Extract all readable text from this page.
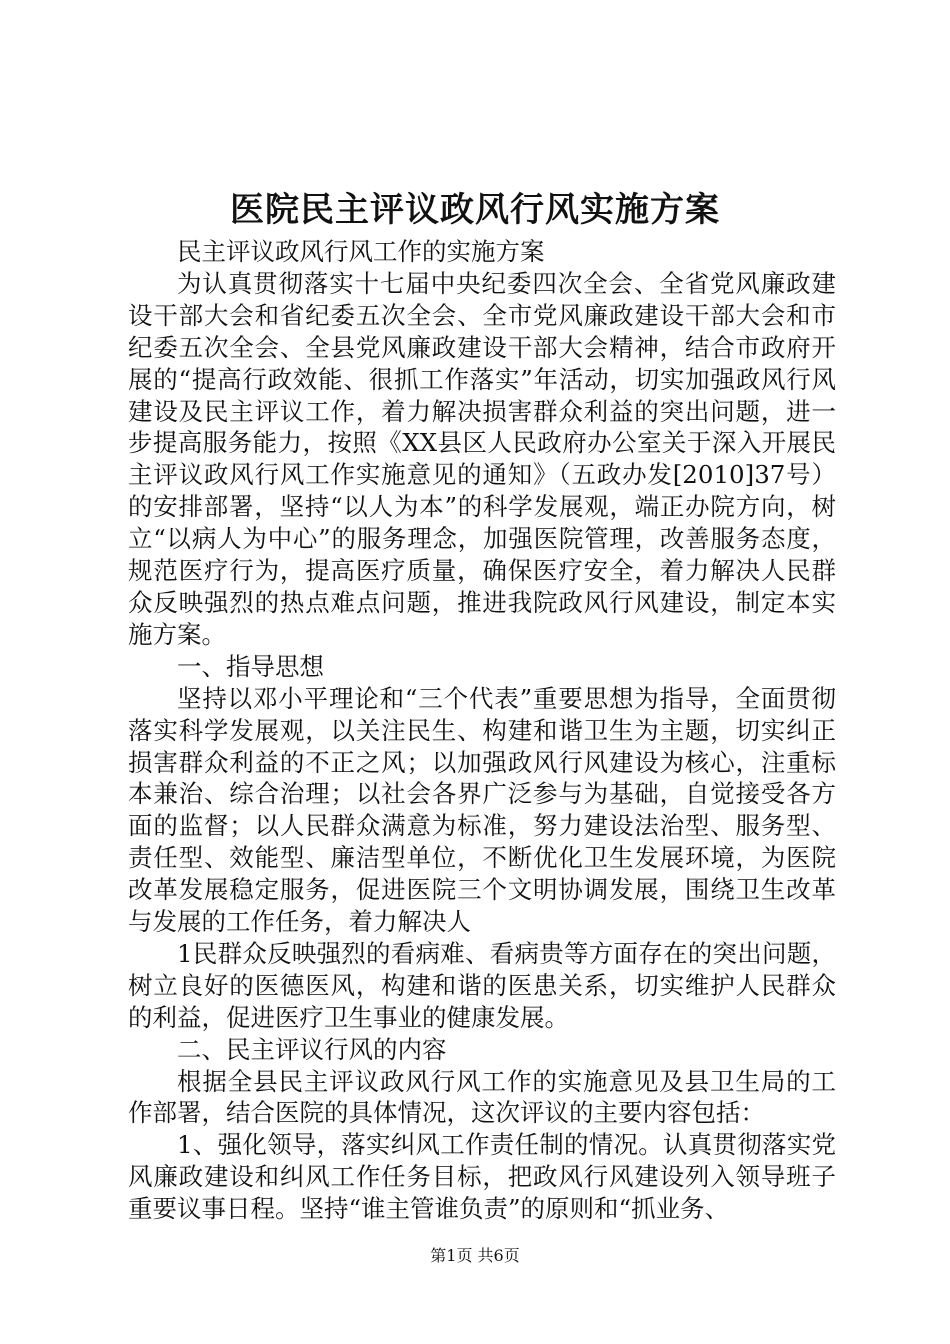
医院民主评议政风行风实施方案

民主评议政风行风工作的实施方案

为认真贯彻落实十七届中央纪委四次全会、全省党风廉政建设干部大会和省纪委五次全会、全市党风廉政建设干部大会和市纪委五次全会、全县党风廉政建设干部大会精神，结合市政府开展的“提高行政效能、很抓工作落实”年活动，切实加强政风行风建设及民主评议工作，着力解决损害群众利益的突出问题，进一步提高服务能力，按照《XX县区人民政府办公室关于深入开展民主评议政风行风工作实施意见的通知》（五政办发[2010]37号）的安排部署，坚持“以人为本”的科学发展观，端正办院方向，树立“以病人为中心”的服务理念，加强医院管理，改善服务态度，规范医疗行为，提高医疗质量，确保医疗安全，着力解决人民群众反映强烈的热点难点问题，推进我院政风行风建设，制定本实施方案。

一、指导思想

坚持以邓小平理论和“三个代表”重要思想为指导，全面贯彻落实科学发展观，以关注民生、构建和谐卫生为主题，切实纠正损害群众利益的不正之风；以加强政风行风建设为核心，注重标本兼治、综合治理；以社会各界广泛参与为基础，自觉接受各方面的监督；以人民群众满意为标准，努力建设法治型、服务型、责任型、效能型、廉洁型单位，不断优化卫生发展环境，为医院改革发展稳定服务，促进医院三个文明协调发展，围绕卫生改革与发展的工作任务，着力解决人

1民群众反映强烈的看病难、看病贵等方面存在的突出问题，树立良好的医德医风，构建和谐的医患关系，切实维护人民群众的利益，促进医疗卫生事业的健康发展。

二、民主评议行风的内容

根据全县民主评议政风行风工作的实施意见及县卫生局的工作部署，结合医院的具体情况，这次评议的主要内容包括：

1、强化领导，落实纠风工作责任制的情况。认真贯彻落实党风廉政建设和纠风工作任务目标，把政风行风建设列入领导班子重要议事日程。坚持“谁主管谁负责”的原则和“抓业务、

第1页 共6页
